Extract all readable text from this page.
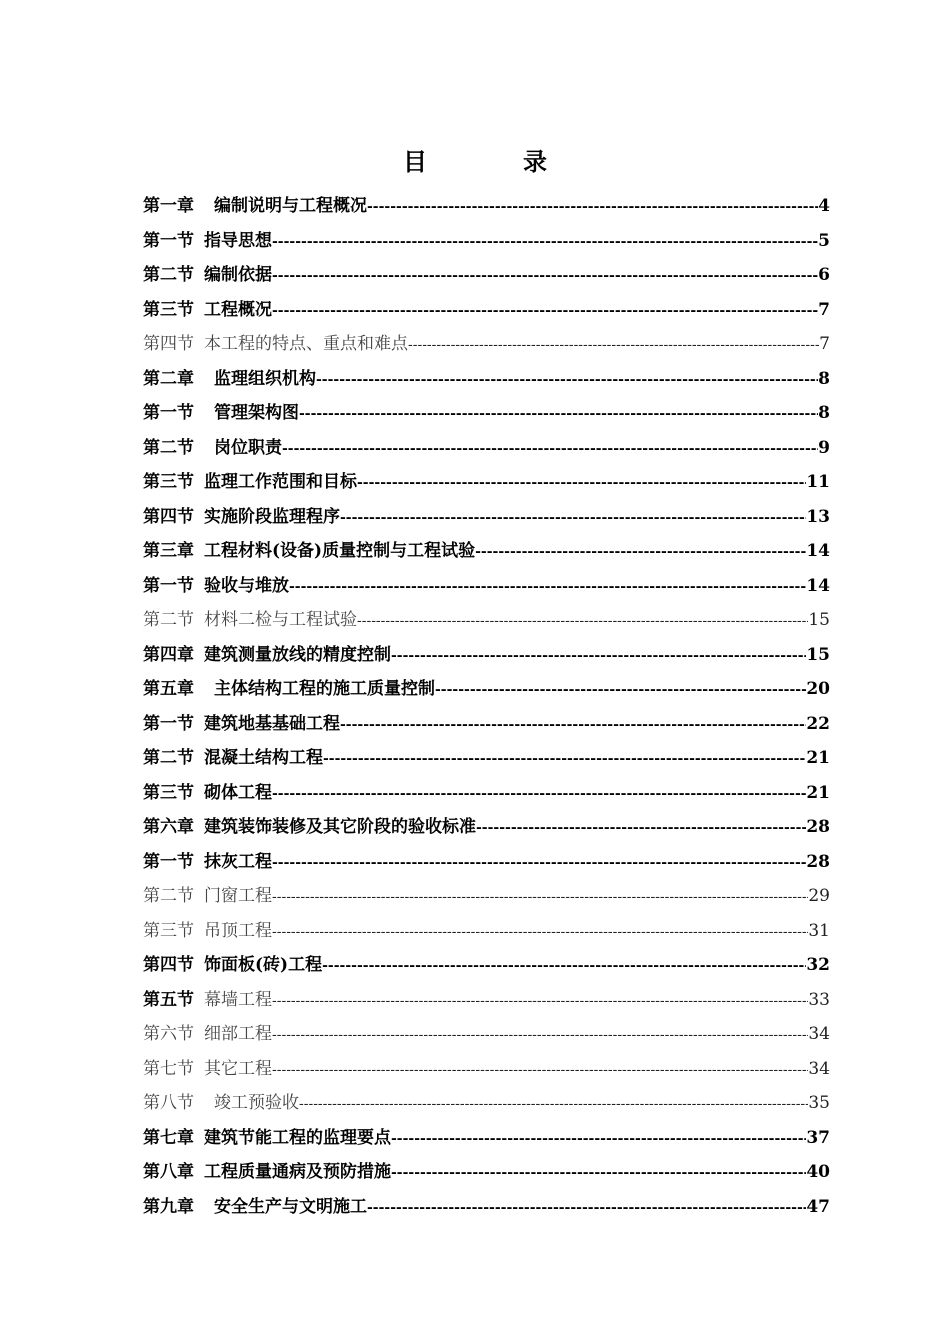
目	录
第一章 编制说明与工程概况 -----	4
第一节 指导思想 -----	5
第二节 编制依据 -----	6
第三节 工程概况 -----	7
第四节 本工程的特点、重点和难点 -----	7
第二章 监理组织机构 -----	8
第一节 管理架构图 -----	8
第二节 岗位职责 -----	9
第三节 监理工作范围和目标 -----	11
第四节 实施阶段监理程序 -----	13
第三章 工程材料(设备)质量控制与工程试验 -----	14
第一节 验收与堆放 -----	14
第二节 材料二检与工程试验 -----	15
第四章 建筑测量放线的精度控制 -----	15
第五章 主体结构工程的施工质量控制 -----	20
第一节 建筑地基基础工程 -----	22
第二节 混凝土结构工程 -----	21
第三节 砌体工程 -----	21
第六章 建筑装饰装修及其它阶段的验收标准 -----	28
第一节 抹灰工程 -----	28
第二节 门窗工程 -----	29
第三节 吊顶工程 -----	31
第四节 饰面板(砖)工程 -----	32
第五节 幕墙工程 -----	33
第六节 细部工程 -----	34
第七节 其它工程 -----	34
第八节 竣工预验收 -----	35
第七章 建筑节能工程的监理要点 -----	37
第八章 工程质量通病及预防措施 -----	40
第九章 安全生产与文明施工 -----	47
